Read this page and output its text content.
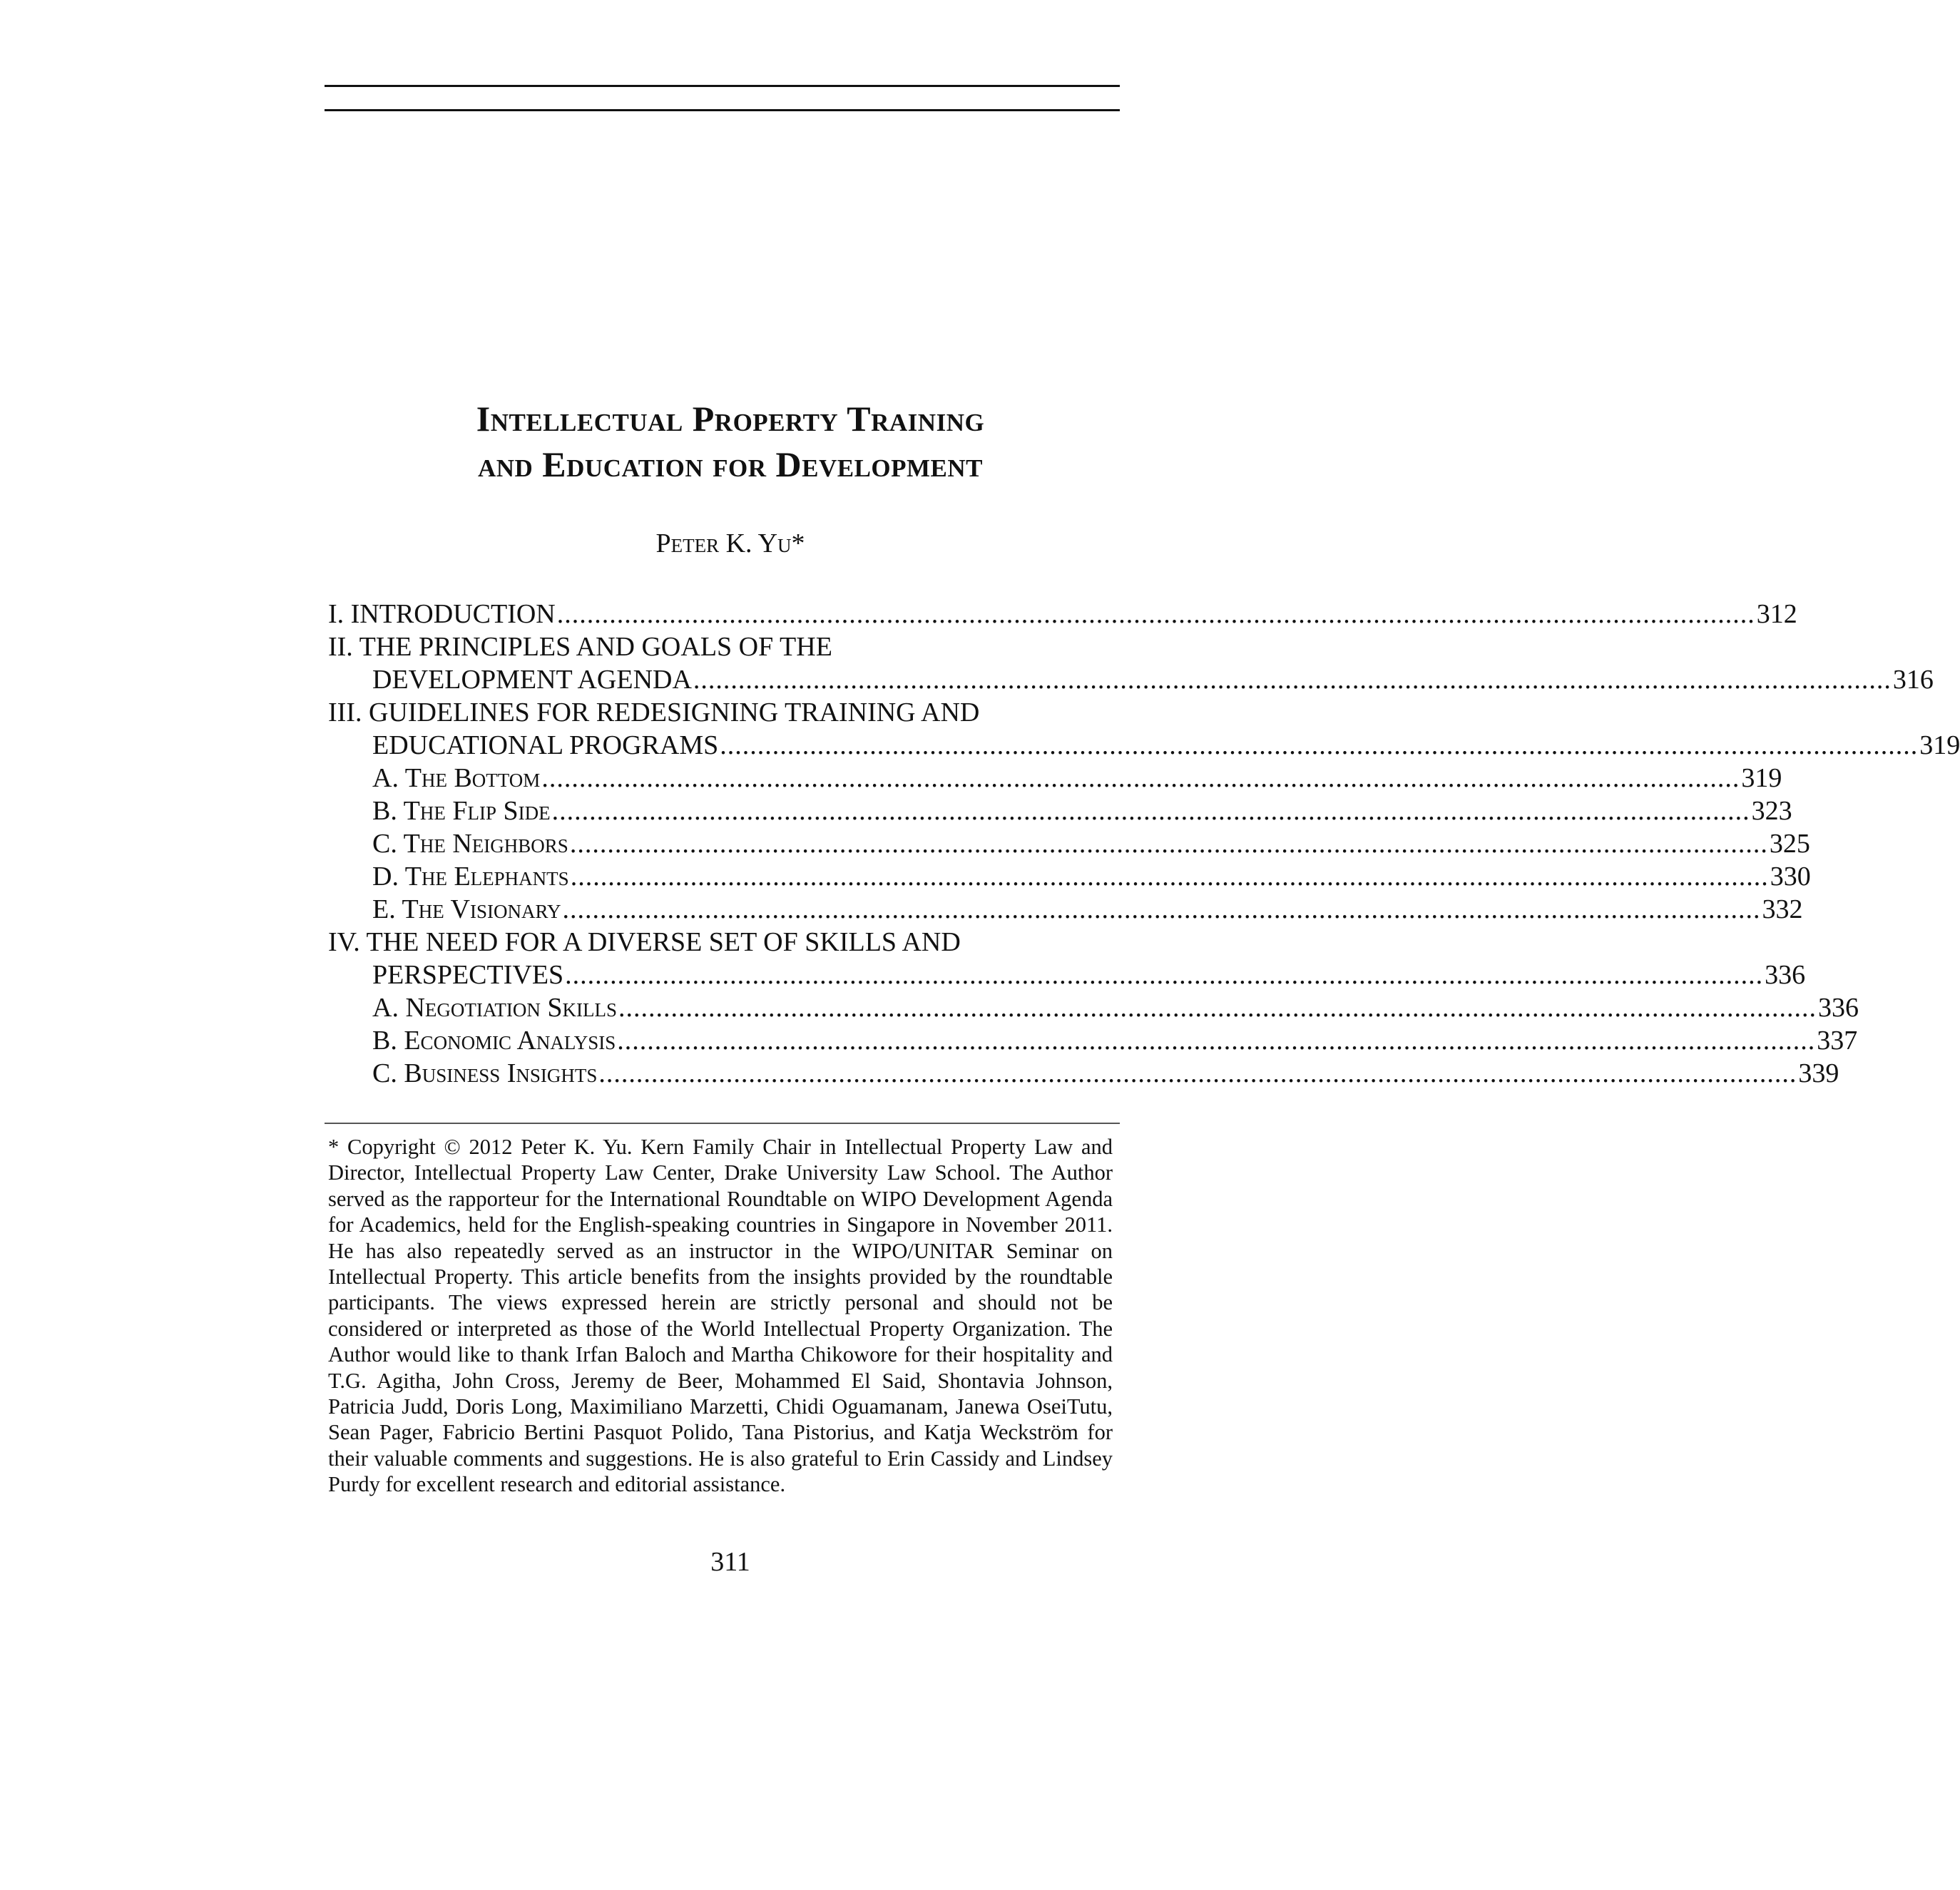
Intellectual Property Training
and Education for Development
Peter K. Yu*
I. INTRODUCTION ................................................................................................................................................................ 312
II. THE PRINCIPLES AND GOALS OF THE
DEVELOPMENT AGENDA ................................................................................................................................................................ 316
III. GUIDELINES FOR REDESIGNING TRAINING AND
EDUCATIONAL PROGRAMS ................................................................................................................................................................ 319
A. The Bottom ................................................................................................................................................................ 319
B. The Flip Side ................................................................................................................................................................ 323
C. The Neighbors ................................................................................................................................................................ 325
D. The Elephants ................................................................................................................................................................ 330
E. The Visionary ................................................................................................................................................................ 332
IV. THE NEED FOR A DIVERSE SET OF SKILLS AND
PERSPECTIVES ................................................................................................................................................................ 336
A. Negotiation Skills ................................................................................................................................................................ 336
B. Economic Analysis ................................................................................................................................................................ 337
C. Business Insights ................................................................................................................................................................ 339
* Copyright © 2012 Peter K. Yu. Kern Family Chair in Intellectual Property Law and Director, Intellectual Property Law Center, Drake University Law School. The Author served as the rapporteur for the International Roundtable on WIPO Development Agenda for Academics, held for the English-speaking countries in Singapore in November 2011. He has also repeatedly served as an instructor in the WIPO/UNITAR Seminar on Intellectual Property. This article benefits from the insights provided by the roundtable participants. The views expressed herein are strictly personal and should not be considered or interpreted as those of the World Intellectual Property Organization. The Author would like to thank Irfan Baloch and Martha Chikowore for their hospitality and T.G. Agitha, John Cross, Jeremy de Beer, Mohammed El Said, Shontavia Johnson, Patricia Judd, Doris Long, Maximiliano Marzetti, Chidi Oguamanam, Janewa OseiTutu, Sean Pager, Fabricio Bertini Pasquot Polido, Tana Pistorius, and Katja Weckström for their valuable comments and suggestions. He is also grateful to Erin Cassidy and Lindsey Purdy for excellent research and editorial assistance.
311
